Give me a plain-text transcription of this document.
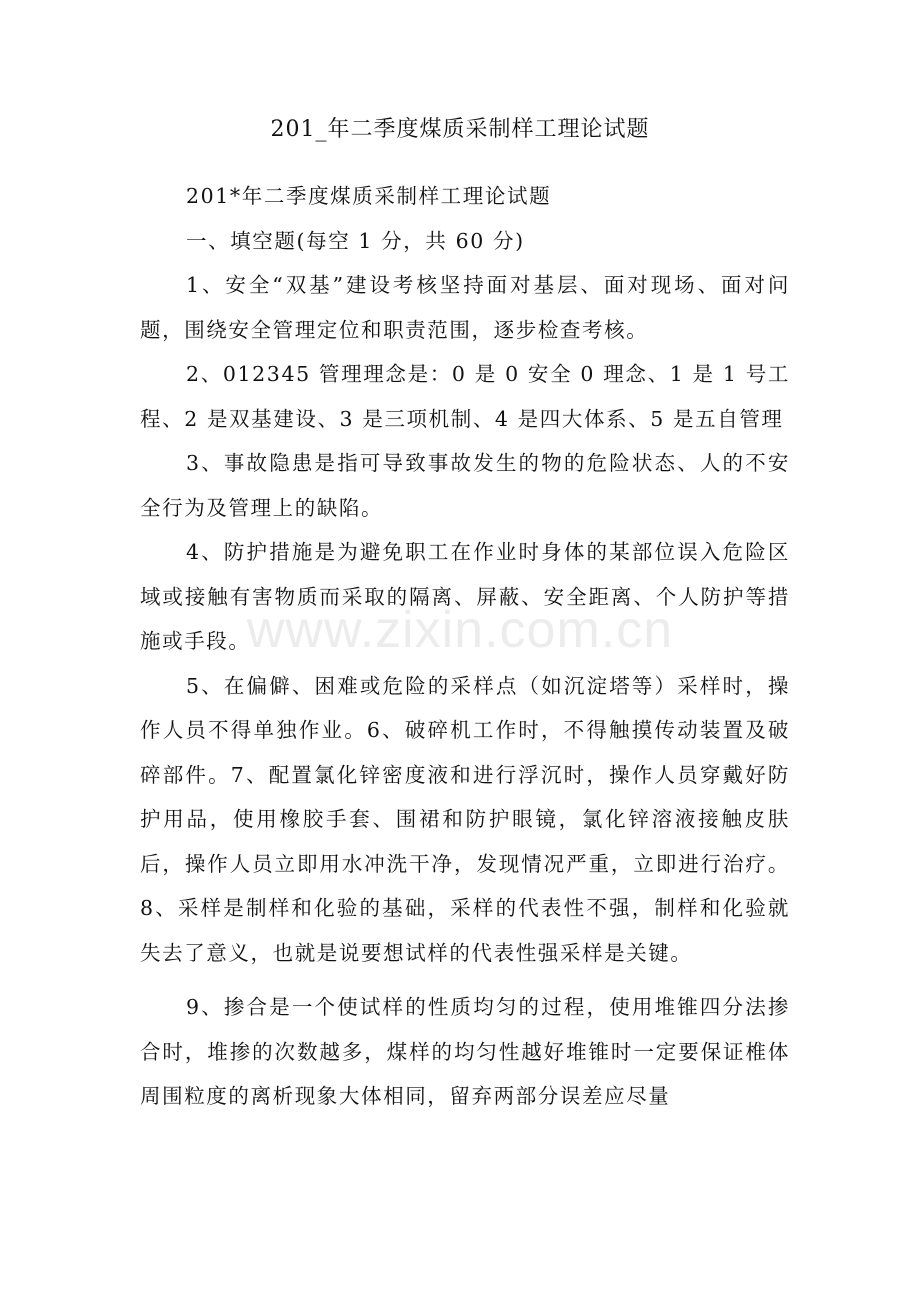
201_年二季度煤质采制样工理论试题

201*年二季度煤质采制样工理论试题

一、填空题(每空 1 分，共 60 分)

1、安全“双基”建设考核坚持面对基层、面对现场、面对问题，围绕安全管理定位和职责范围，逐步检查考核。

2、012345 管理理念是：0 是 0 安全 0 理念、1 是 1 号工程、2 是双基建设、3 是三项机制、4 是四大体系、5 是五自管理

3、事故隐患是指可导致事故发生的物的危险状态、人的不安全行为及管理上的缺陷。

4、防护措施是为避免职工在作业时身体的某部位误入危险区域或接触有害物质而采取的隔离、屏蔽、安全距离、个人防护等措施或手段。

5、在偏僻、困难或危险的采样点（如沉淀塔等）采样时，操作人员不得单独作业。6、破碎机工作时，不得触摸传动装置及破碎部件。7、配置氯化锌密度液和进行浮沉时，操作人员穿戴好防护用品，使用橡胶手套、围裙和防护眼镜，氯化锌溶液接触皮肤后，操作人员立即用水冲洗干净，发现情况严重，立即进行治疗。8、采样是制样和化验的基础，采样的代表性不强，制样和化验就失去了意义，也就是说要想试样的代表性强采样是关键。

9、掺合是一个使试样的性质均匀的过程，使用堆锥四分法掺合时，堆掺的次数越多，煤样的均匀性越好堆锥时一定要保证椎体周围粒度的离析现象大体相同，留弃两部分误差应尽量

www.zixin.com.cn
